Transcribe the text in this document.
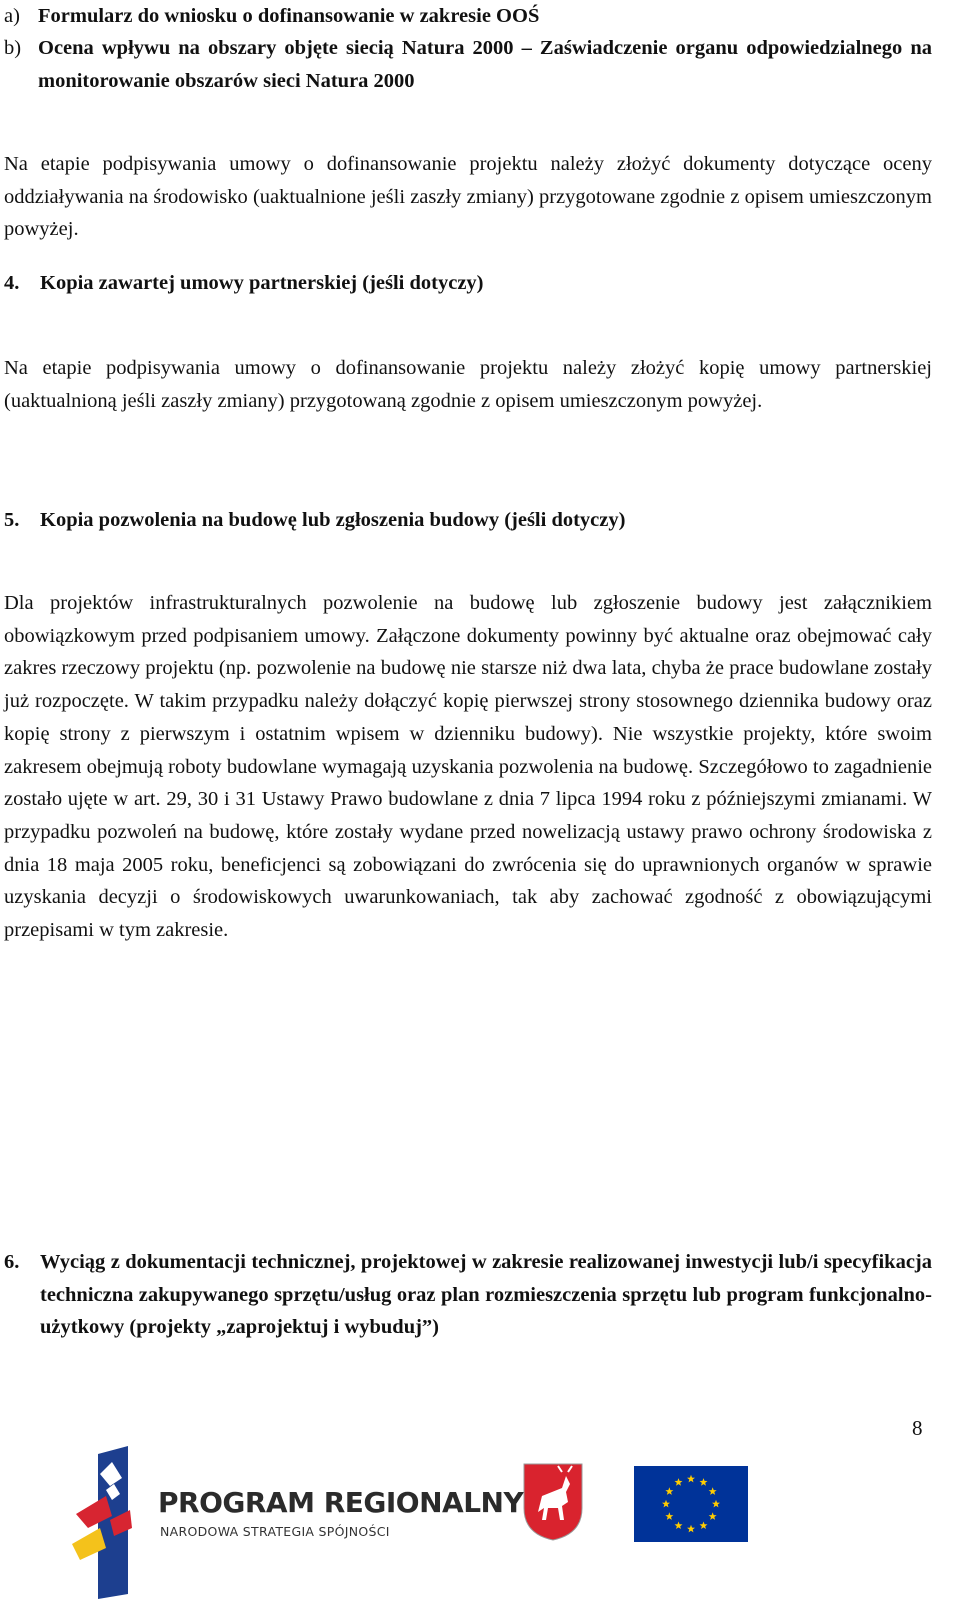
a) Formularz do wniosku o dofinansowanie w zakresie OOŚ
b) Ocena wpływu na obszary objęte siecią Natura 2000 – Zaświadczenie organu odpowiedzialnego na monitorowanie obszarów sieci Natura 2000
Na etapie podpisywania umowy o dofinansowanie projektu należy złożyć dokumenty dotyczące oceny oddziaływania na środowisko (uaktualnione jeśli zaszły zmiany) przygotowane zgodnie z opisem umieszczonym powyżej.
4. Kopia zawartej umowy partnerskiej (jeśli dotyczy)
Na etapie podpisywania umowy o dofinansowanie projektu należy złożyć kopię umowy partnerskiej (uaktualnioną jeśli zaszły zmiany) przygotowaną zgodnie z opisem umieszczonym powyżej.
5. Kopia pozwolenia na budowę lub zgłoszenia budowy (jeśli dotyczy)
Dla projektów infrastrukturalnych pozwolenie na budowę lub zgłoszenie budowy jest załącznikiem obowiązkowym przed podpisaniem umowy. Załączone dokumenty powinny być aktualne oraz obejmować cały zakres rzeczowy projektu (np. pozwolenie na budowę nie starsze niż dwa lata, chyba że prace budowlane zostały już rozpoczęte. W takim przypadku należy dołączyć kopię pierwszej strony stosownego dziennika budowy oraz kopię strony z pierwszym i ostatnim wpisem w dzienniku budowy). Nie wszystkie projekty, które swoim zakresem obejmują roboty budowlane wymagają uzyskania pozwolenia na budowę. Szczegółowo to zagadnienie zostało ujęte w art. 29, 30 i 31 Ustawy Prawo budowlane z dnia 7 lipca 1994 roku z późniejszymi zmianami. W przypadku pozwoleń na budowę, które zostały wydane przed nowelizacją ustawy prawo ochrony środowiska z dnia 18 maja 2005 roku, beneficjenci są zobowiązani do zwrócenia się do uprawnionych organów w sprawie uzyskania decyzji o środowiskowych uwarunkowaniach, tak aby zachować zgodność z obowiązującymi przepisami w tym zakresie.
6. Wyciąg z dokumentacji technicznej, projektowej w zakresie realizowanej inwestycji lub/i specyfikacja techniczna zakupywanego sprzętu/usług oraz plan rozmieszczenia sprzętu lub program funkcjonalno-użytkowy (projekty „zaprojektuj i wybuduj”)
8
PROGRAM REGIONALNY
NARODOWA STRATEGIA SPÓJNOŚCI
